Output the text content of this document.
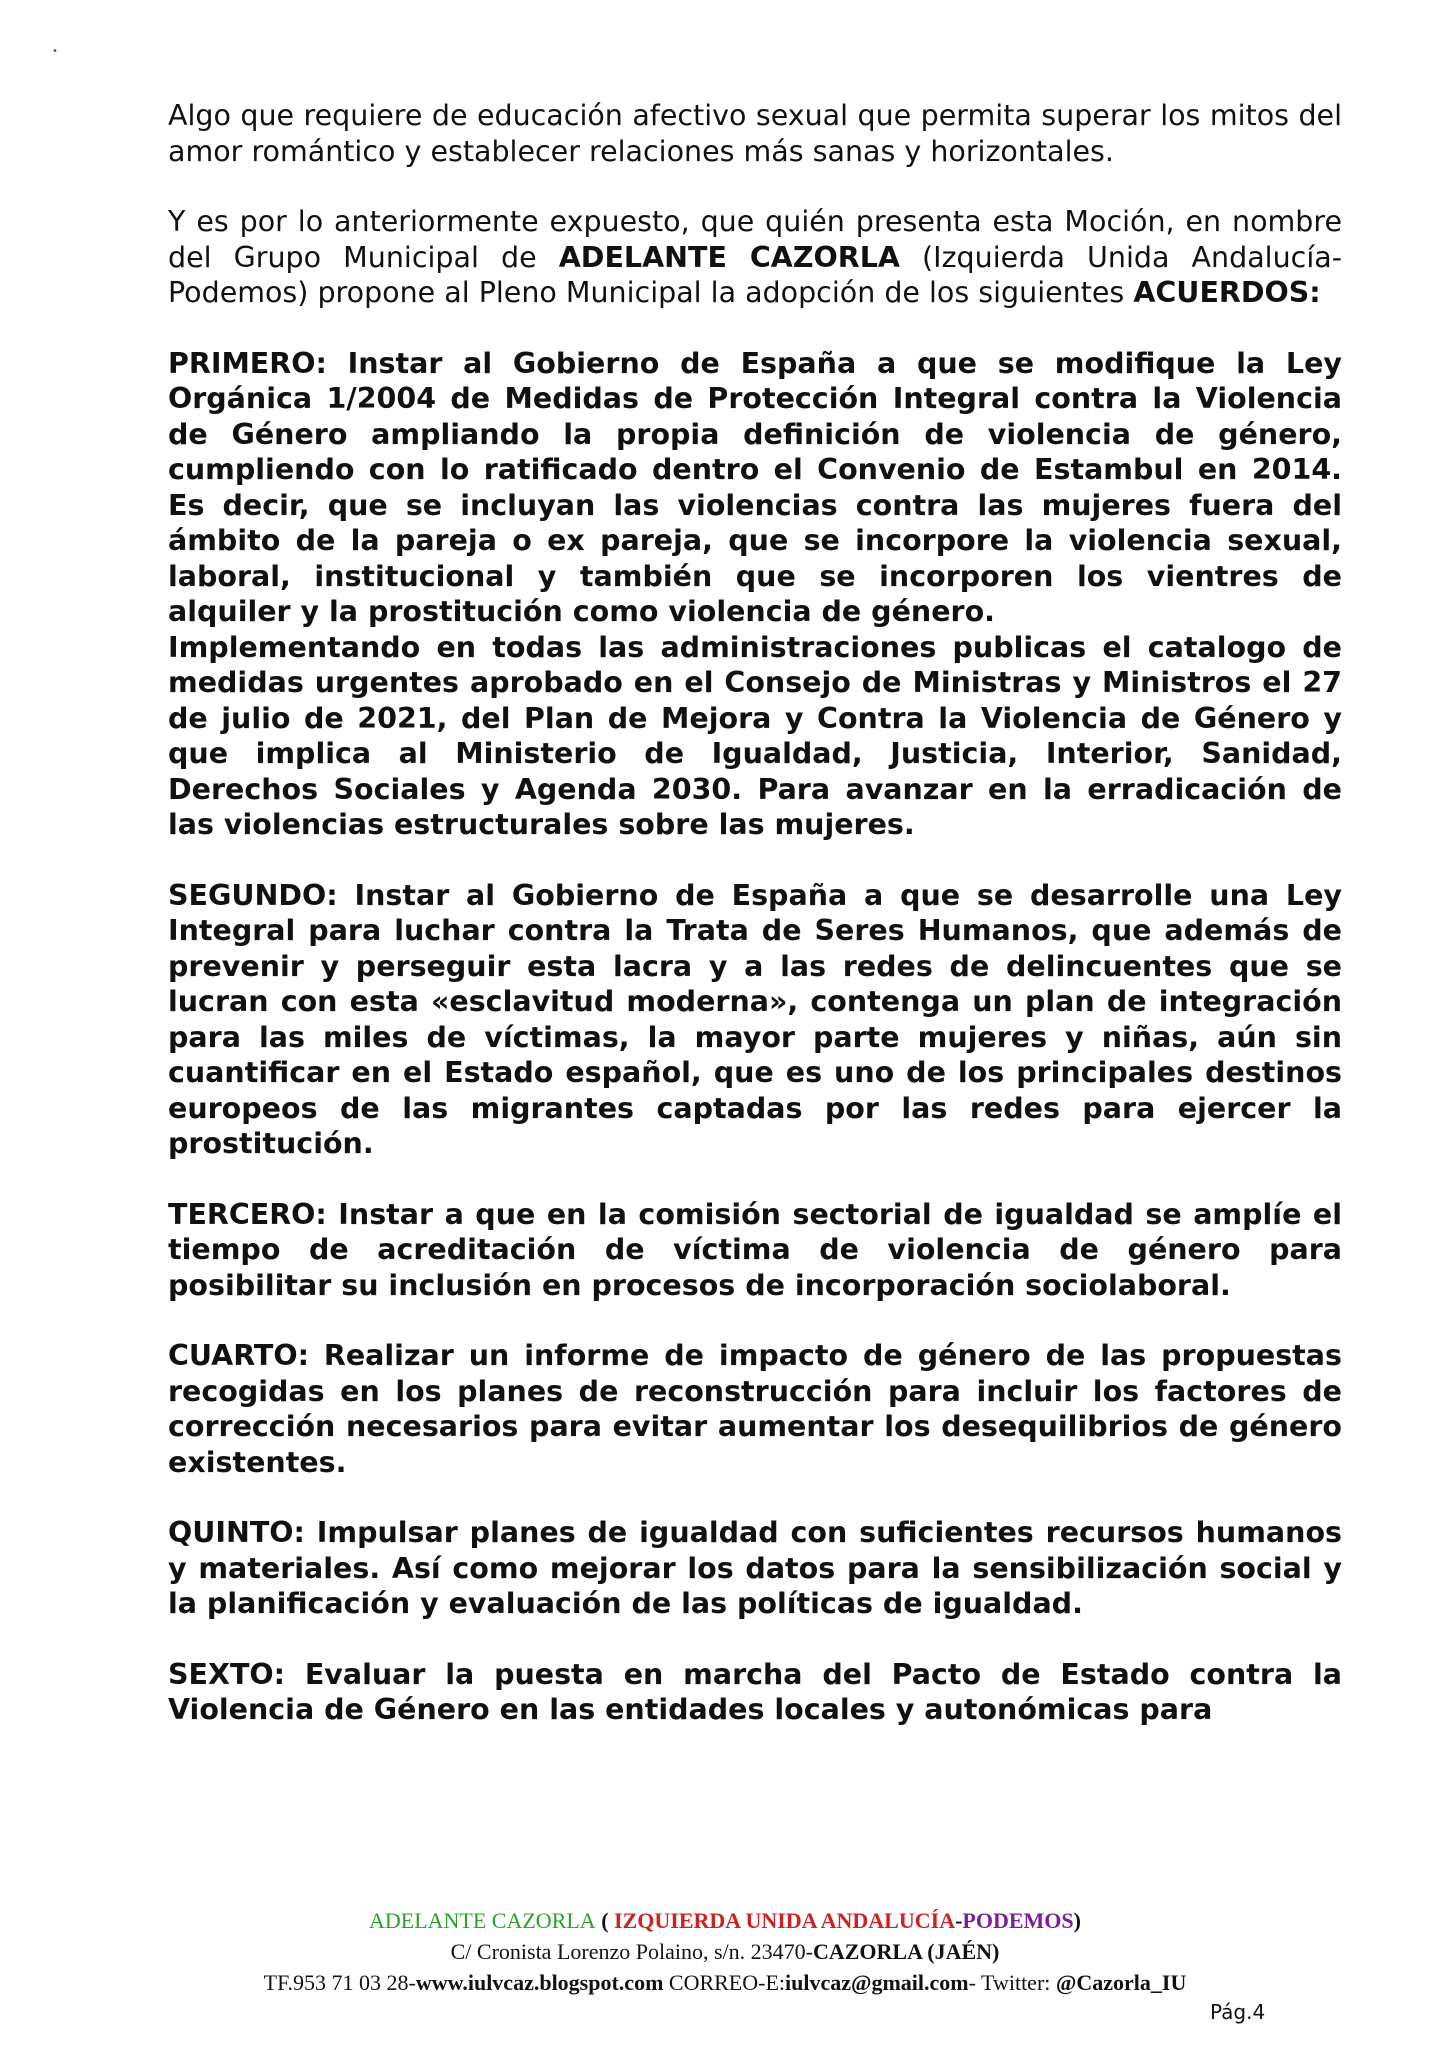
•

Algo que requiere de educación afectivo sexual que permita superar los mitos del amor romántico y establecer relaciones más sanas y horizontales.

Y es por lo anteriormente expuesto, que quién presenta esta Moción, en nombre del Grupo Municipal de ADELANTE CAZORLA (Izquierda Unida Andalucía-Podemos) propone al Pleno Municipal la adopción de los siguientes ACUERDOS:

PRIMERO: Instar al Gobierno de España a que se modifique la Ley Orgánica 1/2004 de Medidas de Protección Integral contra la Violencia de Género ampliando la propia definición de violencia de género, cumpliendo con lo ratificado dentro el Convenio de Estambul en 2014. Es decir, que se incluyan las violencias contra las mujeres fuera del ámbito de la pareja o ex pareja, que se incorpore la violencia sexual, laboral, institucional y también que se incorporen los vientres de alquiler y la prostitución como violencia de género.

Implementando en todas las administraciones publicas el catalogo de medidas urgentes aprobado en el Consejo de Ministras y Ministros el 27 de julio de 2021, del Plan de Mejora y Contra la Violencia de Género y que implica al Ministerio de Igualdad, Justicia, Interior, Sanidad, Derechos Sociales y Agenda 2030. Para avanzar en la erradicación de las violencias estructurales sobre las mujeres.

SEGUNDO: Instar al Gobierno de España a que se desarrolle una Ley Integral para luchar contra la Trata de Seres Humanos, que además de prevenir y perseguir esta lacra y a las redes de delincuentes que se lucran con esta «esclavitud moderna», contenga un plan de integración para las miles de víctimas, la mayor parte mujeres y niñas, aún sin cuantificar en el Estado español, que es uno de los principales destinos europeos de las migrantes captadas por las redes para ejercer la prostitución.

TERCERO: Instar a que en la comisión sectorial de igualdad se amplíe el tiempo de acreditación de víctima de violencia de género para posibilitar su inclusión en procesos de incorporación sociolaboral.

CUARTO: Realizar un informe de impacto de género de las propuestas recogidas en los planes de reconstrucción para incluir los factores de corrección necesarios para evitar aumentar los desequilibrios de género existentes.

QUINTO: Impulsar planes de igualdad con suficientes recursos humanos y materiales. Así como mejorar los datos para la sensibilización social y la planificación y evaluación de las políticas de igualdad.

SEXTO: Evaluar la puesta en marcha del Pacto de Estado contra la Violencia de Género en las entidades locales y autonómicas para

ADELANTE CAZORLA ( IZQUIERDA UNIDA ANDALUCÍA-PODEMOS)
C/ Cronista Lorenzo Polaino, s/n. 23470-CAZORLA (JAÉN)
TF.953 71 03 28-www.iulvcaz.blogspot.com CORREO-E:iulvcaz@gmail.com- Twitter: @Cazorla_IU
Pág.4
